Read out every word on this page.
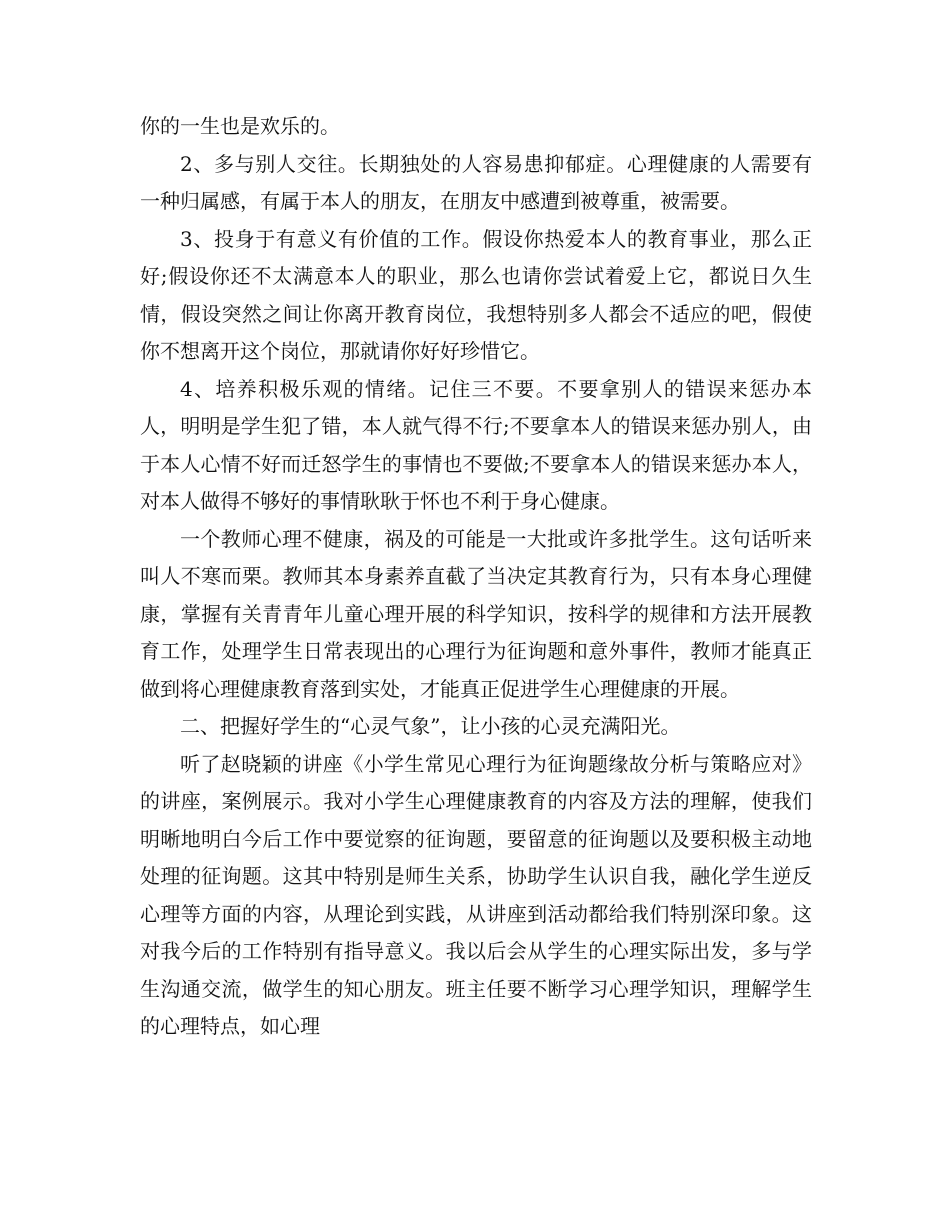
你的一生也是欢乐的。

2、多与别人交往。长期独处的人容易患抑郁症。心理健康的人需要有一种归属感，有属于本人的朋友，在朋友中感遭到被尊重，被需要。

3、投身于有意义有价值的工作。假设你热爱本人的教育事业，那么正好;假设你还不太满意本人的职业，那么也请你尝试着爱上它，都说日久生情，假设突然之间让你离开教育岗位，我想特别多人都会不适应的吧，假使你不想离开这个岗位，那就请你好好珍惜它。

4、培养积极乐观的情绪。记住三不要。不要拿别人的错误来惩办本人，明明是学生犯了错，本人就气得不行;不要拿本人的错误来惩办别人，由于本人心情不好而迁怒学生的事情也不要做;不要拿本人的错误来惩办本人，对本人做得不够好的事情耿耿于怀也不利于身心健康。

一个教师心理不健康，祸及的可能是一大批或许多批学生。这句话听来叫人不寒而栗。教师其本身素养直截了当决定其教育行为，只有本身心理健康，掌握有关青青年儿童心理开展的科学知识，按科学的规律和方法开展教育工作，处理学生日常表现出的心理行为征询题和意外事件，教师才能真正做到将心理健康教育落到实处，才能真正促进学生心理健康的开展。

二、把握好学生的“心灵气象”，让小孩的心灵充满阳光。

听了赵晓颖的讲座《小学生常见心理行为征询题缘故分析与策略应对》的讲座，案例展示。我对小学生心理健康教育的内容及方法的理解，使我们明晰地明白今后工作中要觉察的征询题，要留意的征询题以及要积极主动地处理的征询题。这其中特别是师生关系，协助学生认识自我，融化学生逆反心理等方面的内容，从理论到实践，从讲座到活动都给我们特别深印象。这对我今后的工作特别有指导意义。我以后会从学生的心理实际出发，多与学生沟通交流，做学生的知心朋友。班主任要不断学习心理学知识，理解学生的心理特点，如心理
